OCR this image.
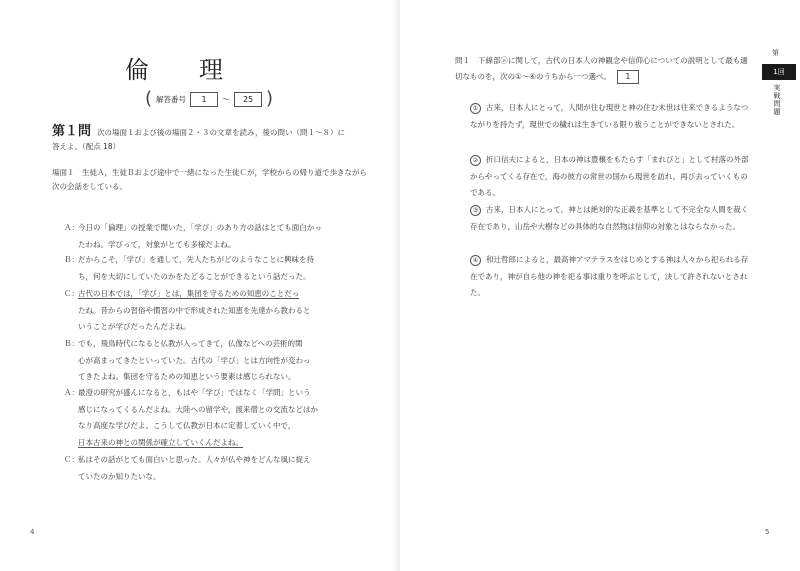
倫理
( 解答番号	1	～	25 )
第１問 次の場面１および後の場面２・３の文章を読み，後の問い（問１〜８）に答えよ。（配点 18）
場面１　生徒Ａ，生徒Ｂおよび途中で一緒になった生徒Ｃが，学校からの帰り道で歩きながら次の会話をしている。
Ａ：今日の「倫理」の授業で聞いた，「学び」のあり方の話はとても面白かっ
たわね。学びって，対象がとても多様だよね。
Ｂ：だからこそ，「学び」を通して，先人たちがどのようなことに興味を持
ち，何を大切にしていたのかをたどることができるという話だった。
Ｃ：古代の日本では，「学び」とは，集団を守るための知恵のことだっ
たね。昔からの習俗や慣習の中で形成された知恵を先達から教わると
いうことが学びだったんだよね。
Ｂ：でも，飛鳥時代になると仏教が入ってきて，仏像などへの芸術的関
心が高まってきたといっていた。古代の「学び」とは方向性が変わっ
てきたよね。集団を守るための知恵という要素は感じられない。
Ａ：最澄の研究が盛んになると，もはや「学び」ではなく「学問」という
感じになってくるんだよね。大陸への留学や，渡来僧との交流などはか
なり高度な学びだよ。こうして仏教が日本に定着していく中で，
日本古来の神との関係が確立していくんだよね。
Ｃ：私はその話がとても面白いと思った。人々が仏や神をどんな風に捉え
ていたのか知りたいな。
4
第
1回
実戦問題
5
問１ 下線部ⓐに関して，古代の日本人の神観念や信仰心についての説明として最も適切なものを，次の①〜④のうちから一つ選べ。 1
① 古来，日本人にとって，人間が住む現世と神の住む未世は往来できるようなつながりを持たず，現世での穢れは生きている限り祓うことができないとされた。
② 折口信夫によると，日本の神は豊穣をもたらす「まれびと」として村落の外部からやってくる存在で，海の彼方の常世の国から現世を訪れ，再び去っていくものである。
③ 古来，日本人にとって，神とは絶対的な正義を基準として不完全な人間を裁く存在であり，山岳や大樹などの具体的な自然物は信仰の対象とはならなかった。
④ 和辻哲郎によると，最高神アマテラスをはじめとする神は人々から祀られる存在であり，神が自ら他の神を祀る事は重りを呼ぶとして，決して許されないとされた。
